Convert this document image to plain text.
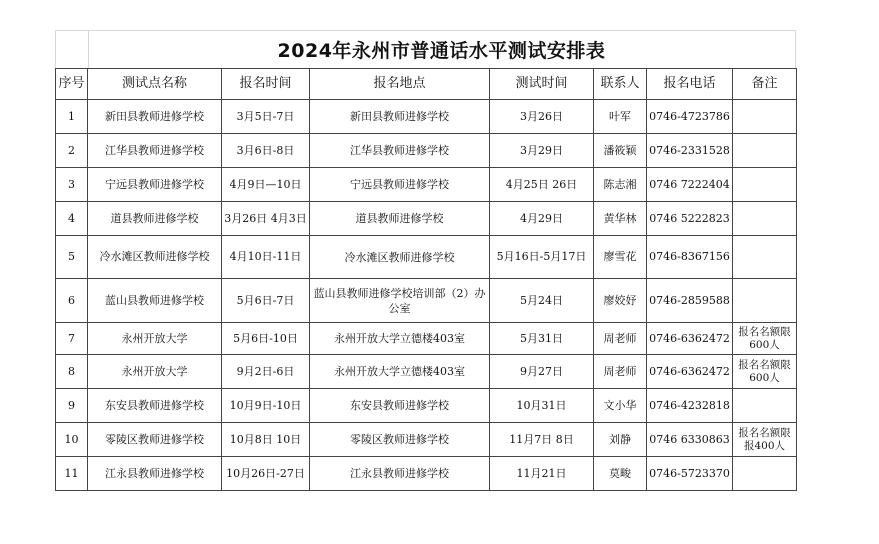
2024年永州市普通话水平测试安排表
序号	测试点名称	报名时间	报名地点	测试时间	联系人	报名电话	备注
1	新田县教师进修学校	3月5日-7日	新田县教师进修学校	3月26日	叶军	0746-4723786	
2	江华县教师进修学校	3月6日-8日	江华县教师进修学校	3月29日	潘筱颖	0746-2331528	
3	宁远县教师进修学校	4月9日—10日	宁远县教师进修学校	4月25日 26日	陈志湘	0746 7222404	
4	道县教师进修学校	3月26日 4月3日	道县教师进修学校	4月29日	黄华林	0746 5222823	
5	冷水滩区教师进修学校	4月10日-11日	冷水滩区教师进修学校	5月16日-5月17日	廖雪花	0746-8367156	
6	蓝山县教师进修学校	5月6日-7日	蓝山县教师进修学校培训部（2）办公室	5月24日	廖姣妤	0746-2859588	
7	永州开放大学	5月6日-10日	永州开放大学立德楼403室	5月31日	周老师	0746-6362472	报名名额限600人
8	永州开放大学	9月2日-6日	永州开放大学立德楼403室	9月27日	周老师	0746-6362472	报名名额限600人
9	东安县教师进修学校	10月9日-10日	东安县教师进修学校	10月31日	文小华	0746-4232818	
10	零陵区教师进修学校	10月8日 10日	零陵区教师进修学校	11月7日 8日	刘静	0746 6330863	报名名额限报400人
11	江永县教师进修学校	10月26日-27日	江永县教师进修学校	11月21日	莫畯	0746-5723370	
